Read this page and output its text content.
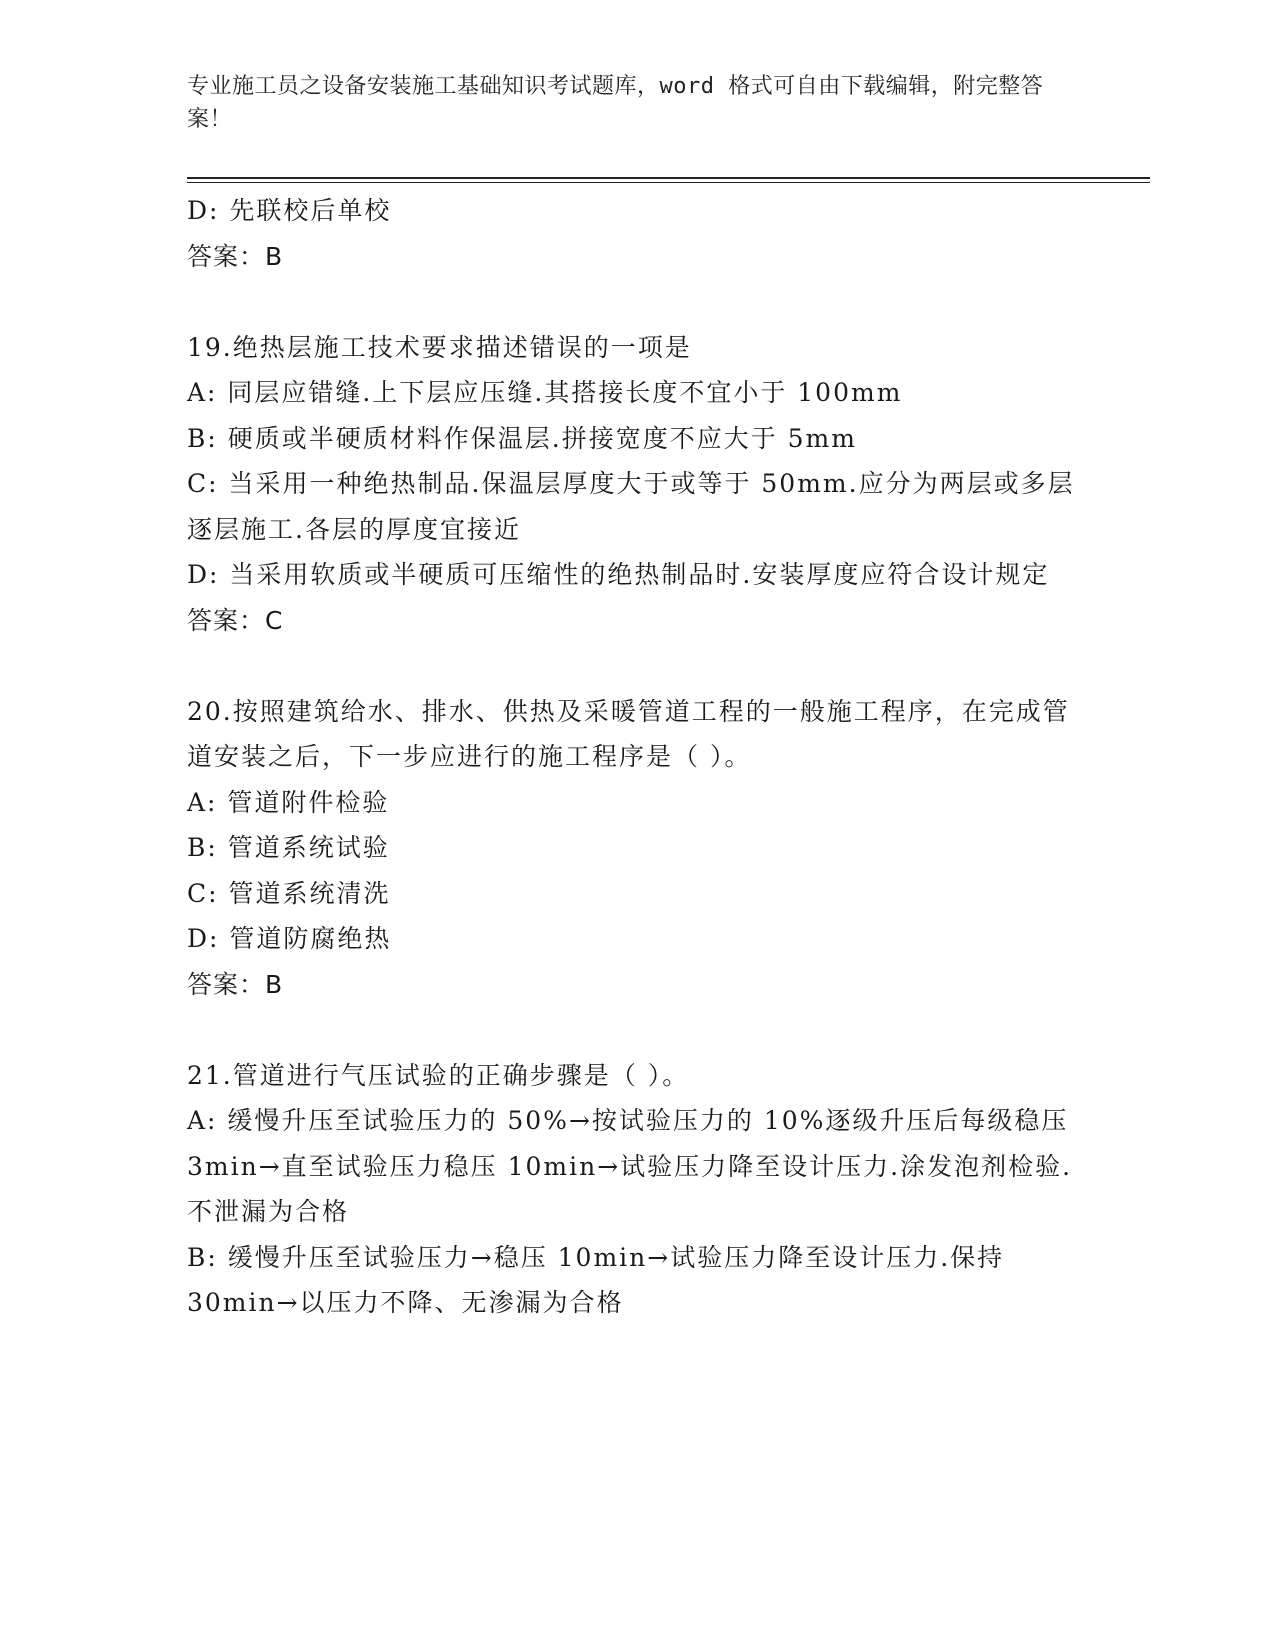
专业施工员之设备安装施工基础知识考试题库，word 格式可自由下载编辑，附完整答案！

D: 先联校后单校

答案：B

19.绝热层施工技术要求描述错误的一项是

A: 同层应错缝.上下层应压缝.其搭接长度不宜小于 100mm

B: 硬质或半硬质材料作保温层.拼接宽度不应大于 5mm

C: 当采用一种绝热制品.保温层厚度大于或等于 50mm.应分为两层或多层逐层施工.各层的厚度宜接近

D: 当采用软质或半硬质可压缩性的绝热制品时.安装厚度应符合设计规定

答案：C

20.按照建筑给水、排水、供热及采暖管道工程的一般施工程序，在完成管道安装之后，下一步应进行的施工程序是（ ）。

A: 管道附件检验

B: 管道系统试验

C: 管道系统清洗

D: 管道防腐绝热

答案：B

21.管道进行气压试验的正确步骤是（ ）。

A: 缓慢升压至试验压力的 50%→按试验压力的 10%逐级升压后每级稳压 3min→直至试验压力稳压 10min→试验压力降至设计压力.涂发泡剂检验.不泄漏为合格

B: 缓慢升压至试验压力→稳压 10min→试验压力降至设计压力.保持 30min→以压力不降、无渗漏为合格
